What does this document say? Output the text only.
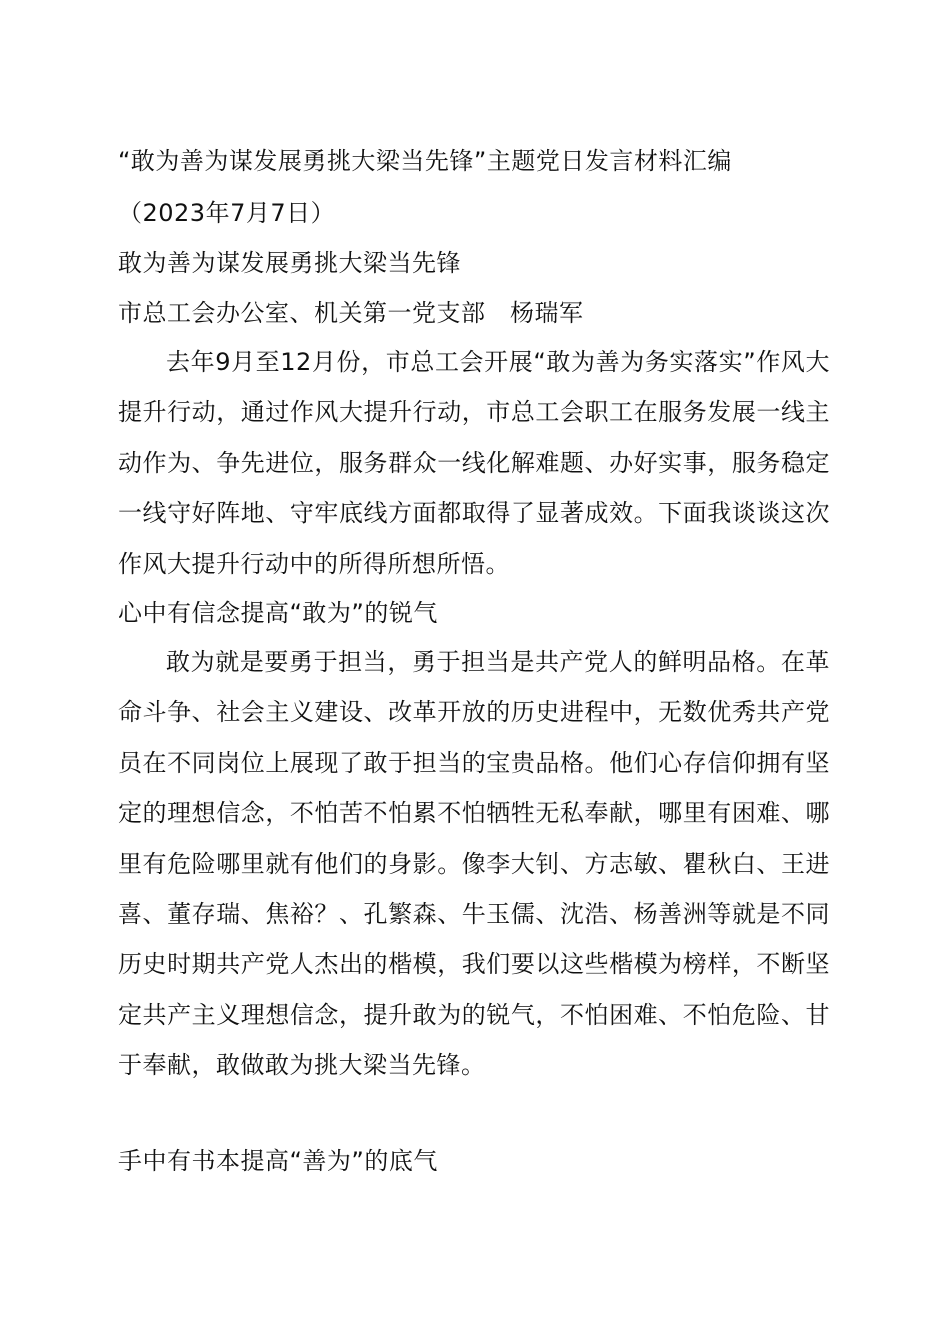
“敢为善为谋发展勇挑大梁当先锋”主题党日发言材料汇编
（2023年7月7日）
敢为善为谋发展勇挑大梁当先锋
市总工会办公室、机关第一党支部　杨瑞军
去年9月至12月份，市总工会开展“敢为善为务实落实”作风大提升行动，通过作风大提升行动，市总工会职工在服务发展一线主动作为、争先进位，服务群众一线化解难题、办好实事，服务稳定一线守好阵地、守牢底线方面都取得了显著成效。下面我谈谈这次作风大提升行动中的所得所想所悟。
心中有信念提高“敢为”的锐气
敢为就是要勇于担当，勇于担当是共产党人的鲜明品格。在革命斗争、社会主义建设、改革开放的历史进程中，无数优秀共产党员在不同岗位上展现了敢于担当的宝贵品格。他们心存信仰拥有坚定的理想信念，不怕苦不怕累不怕牺牲无私奉献，哪里有困难、哪里有危险哪里就有他们的身影。像李大钊、方志敏、瞿秋白、王进喜、董存瑞、焦裕？、孔繁森、牛玉儒、沈浩、杨善洲等就是不同历史时期共产党人杰出的楷模，我们要以这些楷模为榜样，不断坚定共产主义理想信念，提升敢为的锐气，不怕困难、不怕危险、甘于奉献，敢做敢为挑大梁当先锋。
手中有书本提高“善为”的底气
